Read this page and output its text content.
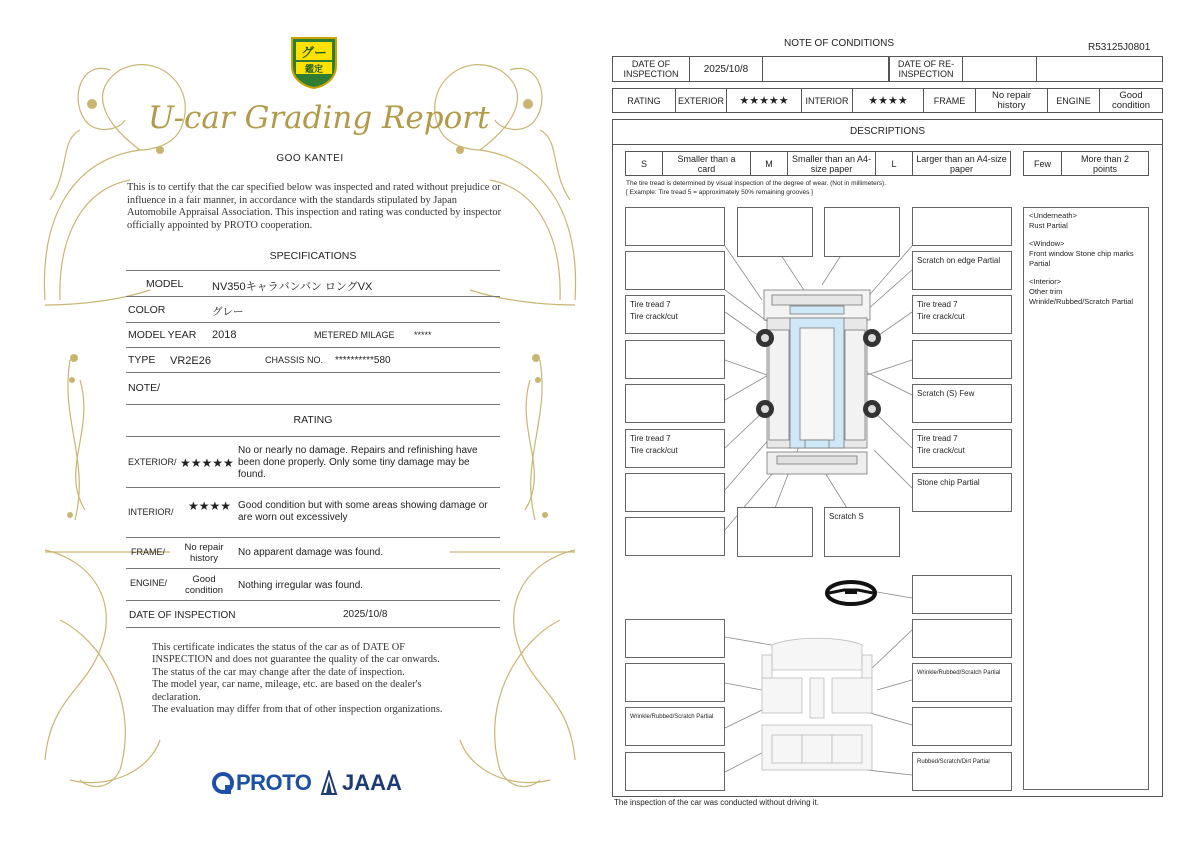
グー
鑑定
U-car Grading Report
GOO KANTEI
This is to certify that the car specified below was inspected and rated without prejudice or influence in a fair manner, in accordance with the standards stipulated by Japan Automobile Appraisal Association. This inspection and rating was conducted by inspector officially appointed by PROTO cooperation.
SPECIFICATIONS
MODEL	NV350キャラバンバン ロングVX
COLOR	グレー
MODEL YEAR 2018	METERED MILAGE *****
TYPE VR2E26	CHASSIS NO. **********580
NOTE/
RATING
EXTERIOR/ ★★★★★
No or nearly no damage. Repairs and refinishing have been done properly. Only some tiny damage may be found.
INTERIOR/ ★★★★ Good condition but with some areas showing damage or are worn out excessively
FRAME/	No repair history
No apparent damage was found.
ENGINE/	Good condition	Nothing irregular was found.
DATE OF INSPECTION	2025/10/8
This certificate indicates the status of the car as of DATE OF
INSPECTION and does not guarantee the quality of the car onwards.
The status of the car may change after the date of inspection.
The model year, car name, mileage, etc. are based on the dealer's
declaration.
The evaluation may differ from that of other inspection organizations.
PROTO JAAA
NOTE OF CONDITIONS	R53125J0801
DATE OF INSPECTION	2025/10/8	DATE OF RE-INSPECTION
RATING	EXTERIOR	★★★★★	INTERIOR	★★★★	FRAME	No repair history	ENGINE	Good condition
DESCRIPTIONS
S	Smaller than a card	M	Smaller than an A4-size paper	L	Larger than an A4-size paper	Few	More than 2 points
The tire tread is determined by visual inspection of the degree of wear. (Not in millimeters).
[ Example: Tire tread 5 = approximately 50% remaining grooves ]
<Underneath>
Rust Partial
<Window>
Front window Stone chip marks Partial
<Interior>
Other trim
Wrinkle/Rubbed/Scratch Partial
Tire tread 7
Tire crack/cut
Tire tread 7
Tire crack/cut
Wrinkle/Rubbed/Scratch Partial
Scratch S
Scratch on edge Partial
Tire tread 7
Tire crack/cut
Scratch (S) Few
Tire tread 7
Tire crack/cut
Stone chip Partial
Wrinkle/Rubbed/Scratch Partial
Rubbed/Scratch/Dirt Partial
The inspection of the car was conducted without driving it.
